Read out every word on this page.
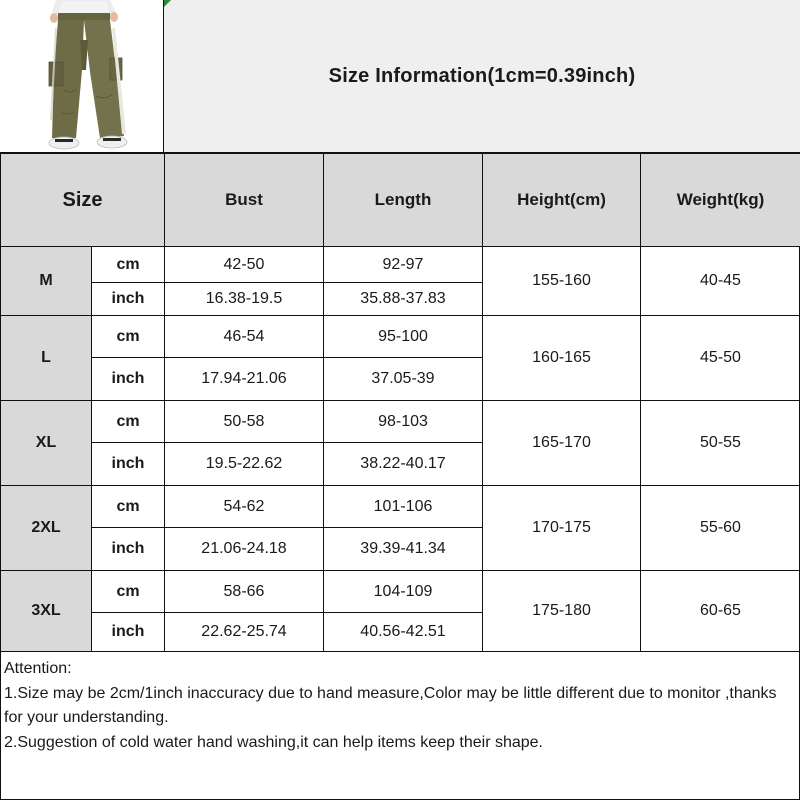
Size Information(1cm=0.39inch)
Size		Bust	Length	Height(cm)	Weight(kg)
M	cm	42-50	92-97	155-160	40-45
	inch	16.38-19.5	35.88-37.83		
L	cm	46-54	95-100	160-165	45-50
	inch	17.94-21.06	37.05-39		
XL	cm	50-58	98-103	165-170	50-55
	inch	19.5-22.62	38.22-40.17		
2XL	cm	54-62	101-106	170-175	55-60
	inch	21.06-24.18	39.39-41.34		
3XL	cm	58-66	104-109	175-180	60-65
	inch	22.62-25.74	40.56-42.51		
Attention:
1.Size may be 2cm/1inch inaccuracy due to hand measure,Color may be little different due to monitor ,thanks for your understanding.
2.Suggestion of cold water hand washing,it can help items keep their shape.
